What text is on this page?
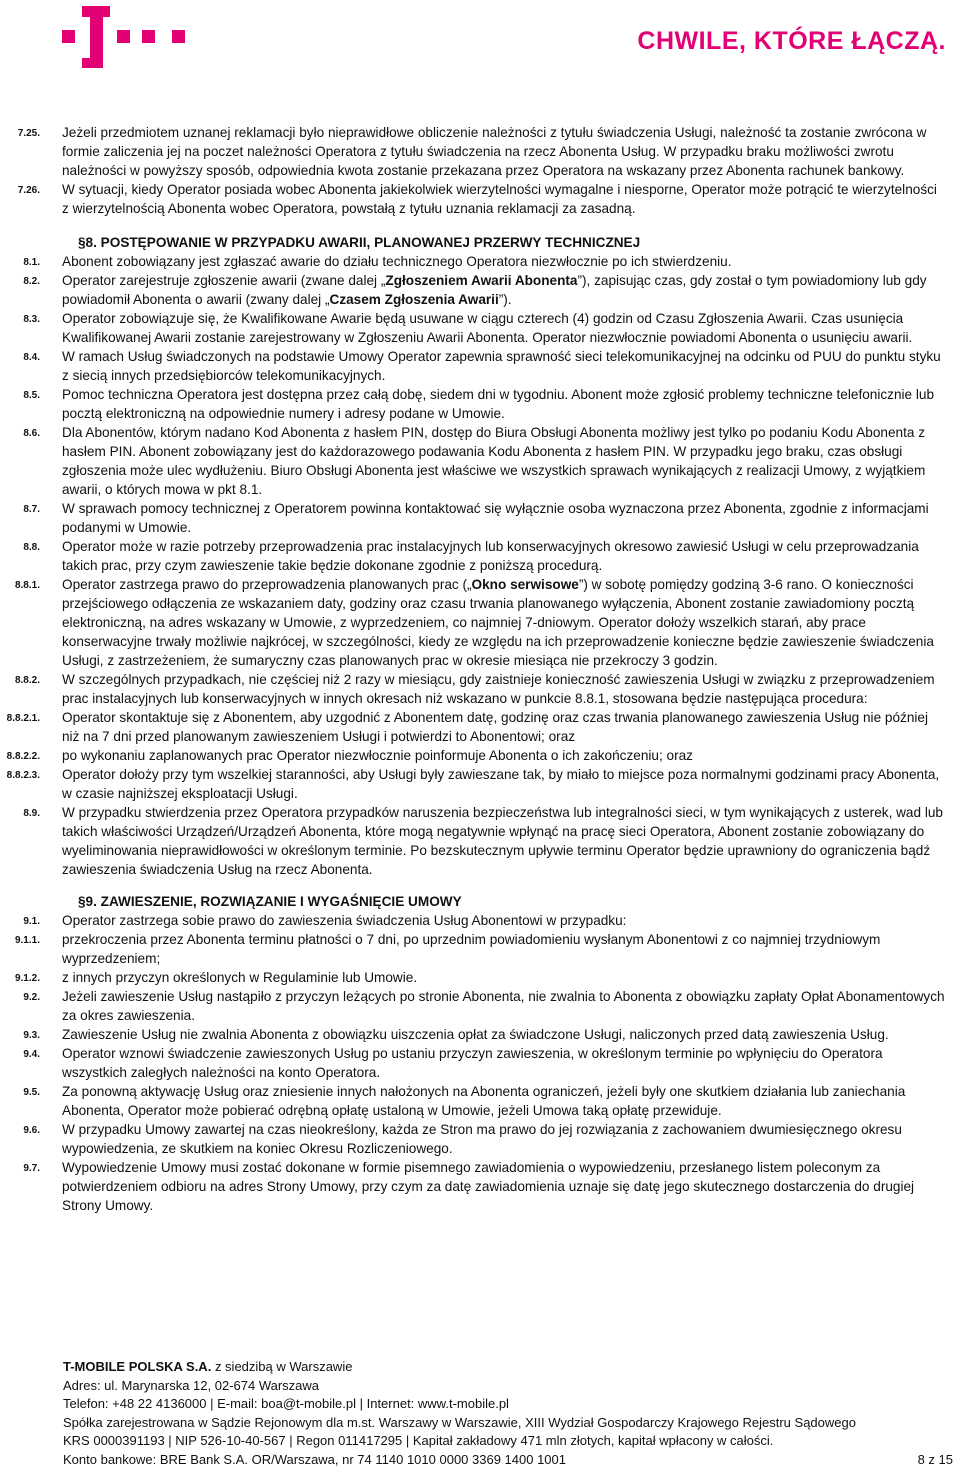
CHWILE, KTÓRE ŁĄCZĄ.
7.25. Jeżeli przedmiotem uznanej reklamacji było nieprawidłowe obliczenie należności z tytułu świadczenia Usługi, należność ta zostanie zwrócona w formie zaliczenia jej na poczet należności Operatora z tytułu świadczenia na rzecz Abonenta Usług. W przypadku braku możliwości zwrotu należności w powyższy sposób, odpowiednia kwota zostanie przekazana przez Operatora na wskazany przez Abonenta rachunek bankowy.

7.26. W sytuacji, kiedy Operator posiada wobec Abonenta jakiekolwiek wierzytelności wymagalne i niesporne, Operator może potrącić te wierzytelności z wierzytelnością Abonenta wobec Operatora, powstałą z tytułu uznania reklamacji za zasadną.

§8. POSTĘPOWANIE W PRZYPADKU AWARII, PLANOWANEJ PRZERWY TECHNICZNEJ
8.1. Abonent zobowiązany jest zgłaszać awarie do działu technicznego Operatora niezwłocznie po ich stwierdzeniu.

8.2. Operator zarejestruje zgłoszenie awarii (zwane dalej „Zgłoszeniem Awarii Abonenta”), zapisując czas, gdy został o tym powiadomiony lub gdy powiadomił Abonenta o awarii (zwany dalej „Czasem Zgłoszenia Awarii”).

8.3. Operator zobowiązuje się, że Kwalifikowane Awarie będą usuwane w ciągu czterech (4) godzin od Czasu Zgłoszenia Awarii. Czas usunięcia Kwalifikowanej Awarii zostanie zarejestrowany w Zgłoszeniu Awarii Abonenta. Operator niezwłocznie powiadomi Abonenta o usunięciu awarii.

8.4. W ramach Usług świadczonych na podstawie Umowy Operator zapewnia sprawność sieci telekomunikacyjnej na odcinku od PUU do punktu styku z siecią innych przedsiębiorców telekomunikacyjnych.

8.5. Pomoc techniczna Operatora jest dostępna przez całą dobę, siedem dni w tygodniu. Abonent może zgłosić problemy techniczne telefonicznie lub pocztą elektroniczną na odpowiednie numery i adresy podane w Umowie.

8.6. Dla Abonentów, którym nadano Kod Abonenta z hasłem PIN, dostęp do Biura Obsługi Abonenta możliwy jest tylko po podaniu Kodu Abonenta z hasłem PIN. Abonent zobowiązany jest do każdorazowego podawania Kodu Abonenta z hasłem PIN. W przypadku jego braku, czas obsługi zgłoszenia może ulec wydłużeniu. Biuro Obsługi Abonenta jest właściwe we wszystkich sprawach wynikających z realizacji Umowy, z wyjątkiem awarii, o których mowa w pkt 8.1.

8.7. W sprawach pomocy technicznej z Operatorem powinna kontaktować się wyłącznie osoba wyznaczona przez Abonenta, zgodnie z informacjami podanymi w Umowie.

8.8. Operator może w razie potrzeby przeprowadzenia prac instalacyjnych lub konserwacyjnych okresowo zawiesić Usługi w celu przeprowadzania takich prac, przy czym zawieszenie takie będzie dokonane zgodnie z poniższą procedurą.

8.8.1. Operator zastrzega prawo do przeprowadzenia planowanych prac („Okno serwisowe”) w sobotę pomiędzy godziną 3-6 rano. O konieczności przejściowego odłączenia ze wskazaniem daty, godziny oraz czasu trwania planowanego wyłączenia, Abonent zostanie zawiadomiony pocztą elektroniczną, na adres wskazany w Umowie, z wyprzedzeniem, co najmniej 7-dniowym. Operator dołoży wszelkich starań, aby prace konserwacyjne trwały możliwie najkrócej, w szczególności, kiedy ze względu na ich przeprowadzenie konieczne będzie zawieszenie świadczenia Usługi, z zastrzeżeniem, że sumaryczny czas planowanych prac w okresie miesiąca nie przekroczy 3 godzin.

8.8.2. W szczególnych przypadkach, nie częściej niż 2 razy w miesiącu, gdy zaistnieje konieczność zawieszenia Usługi w związku z przeprowadzeniem prac instalacyjnych lub konserwacyjnych w innych okresach niż wskazano w punkcie 8.8.1, stosowana będzie następująca procedura:

8.8.2.1. Operator skontaktuje się z Abonentem, aby uzgodnić z Abonentem datę, godzinę oraz czas trwania planowanego zawieszenia Usług nie później niż na 7 dni przed planowanym zawieszeniem Usługi i potwierdzi to Abonentowi; oraz

8.8.2.2. po wykonaniu zaplanowanych prac Operator niezwłocznie poinformuje Abonenta o ich zakończeniu; oraz

8.8.2.3. Operator dołoży przy tym wszelkiej staranności, aby Usługi były zawieszane tak, by miało to miejsce poza normalnymi godzinami pracy Abonenta, w czasie najniższej eksploatacji Usługi.

8.9. W przypadku stwierdzenia przez Operatora przypadków naruszenia bezpieczeństwa lub integralności sieci, w tym wynikających z usterek, wad lub takich właściwości Urządzeń/Urządzeń Abonenta, które mogą negatywnie wpłynąć na pracę sieci Operatora, Abonent zostanie zobowiązany do wyeliminowania nieprawidłowości w określonym terminie. Po bezskutecznym upływie terminu Operator będzie uprawniony do ograniczenia bądź zawieszenia świadczenia Usług na rzecz Abonenta.

§9. ZAWIESZENIE, ROZWIĄZANIE I WYGAŚNIĘCIE UMOWY
9.1. Operator zastrzega sobie prawo do zawieszenia świadczenia Usług Abonentowi w przypadku:

9.1.1. przekroczenia przez Abonenta terminu płatności o 7 dni, po uprzednim powiadomieniu wysłanym Abonentowi z co najmniej trzydniowym wyprzedzeniem;

9.1.2. z innych przyczyn określonych w Regulaminie lub Umowie.

9.2. Jeżeli zawieszenie Usług nastąpiło z przyczyn leżących po stronie Abonenta, nie zwalnia to Abonenta z obowiązku zapłaty Opłat Abonamentowych za okres zawieszenia.

9.3. Zawieszenie Usług nie zwalnia Abonenta z obowiązku uiszczenia opłat za świadczone Usługi, naliczonych przed datą zawieszenia Usług.

9.4. Operator wznowi świadczenie zawieszonych Usług po ustaniu przyczyn zawieszenia, w określonym terminie po wpłynięciu do Operatora wszystkich zaległych należności na konto Operatora.

9.5. Za ponowną aktywację Usług oraz zniesienie innych nałożonych na Abonenta ograniczeń, jeżeli były one skutkiem działania lub zaniechania Abonenta, Operator może pobierać odrębną opłatę ustaloną w Umowie, jeżeli Umowa taką opłatę przewiduje.

9.6. W przypadku Umowy zawartej na czas nieokreślony, każda ze Stron ma prawo do jej rozwiązania z zachowaniem dwumiesięcznego okresu wypowiedzenia, ze skutkiem na koniec Okresu Rozliczeniowego.

9.7. Wypowiedzenie Umowy musi zostać dokonane w formie pisemnego zawiadomienia o wypowiedzeniu, przesłanego listem poleconym za potwierdzeniem odbioru na adres Strony Umowy, przy czym za datę zawiadomienia uznaje się datę jego skutecznego dostarczenia do drugiej Strony Umowy.

T-MOBILE POLSKA S.A. z siedzibą w Warszawie
Adres: ul. Marynarska 12, 02-674 Warszawa
Telefon: +48 22 4136000 | E-mail: boa@t-mobile.pl | Internet: www.t-mobile.pl
Spółka zarejestrowana w Sądzie Rejonowym dla m.st. Warszawy w Warszawie, XIII Wydział Gospodarczy Krajowego Rejestru Sądowego
KRS 0000391193 | NIP 526-10-40-567 | Regon 011417295 | Kapitał zakładowy 471 mln złotych, kapitał wpłacony w całości.
Konto bankowe: BRE Bank S.A. OR/Warszawa, nr 74 1140 1010 0000 3369 1400 1001	8 z 15
